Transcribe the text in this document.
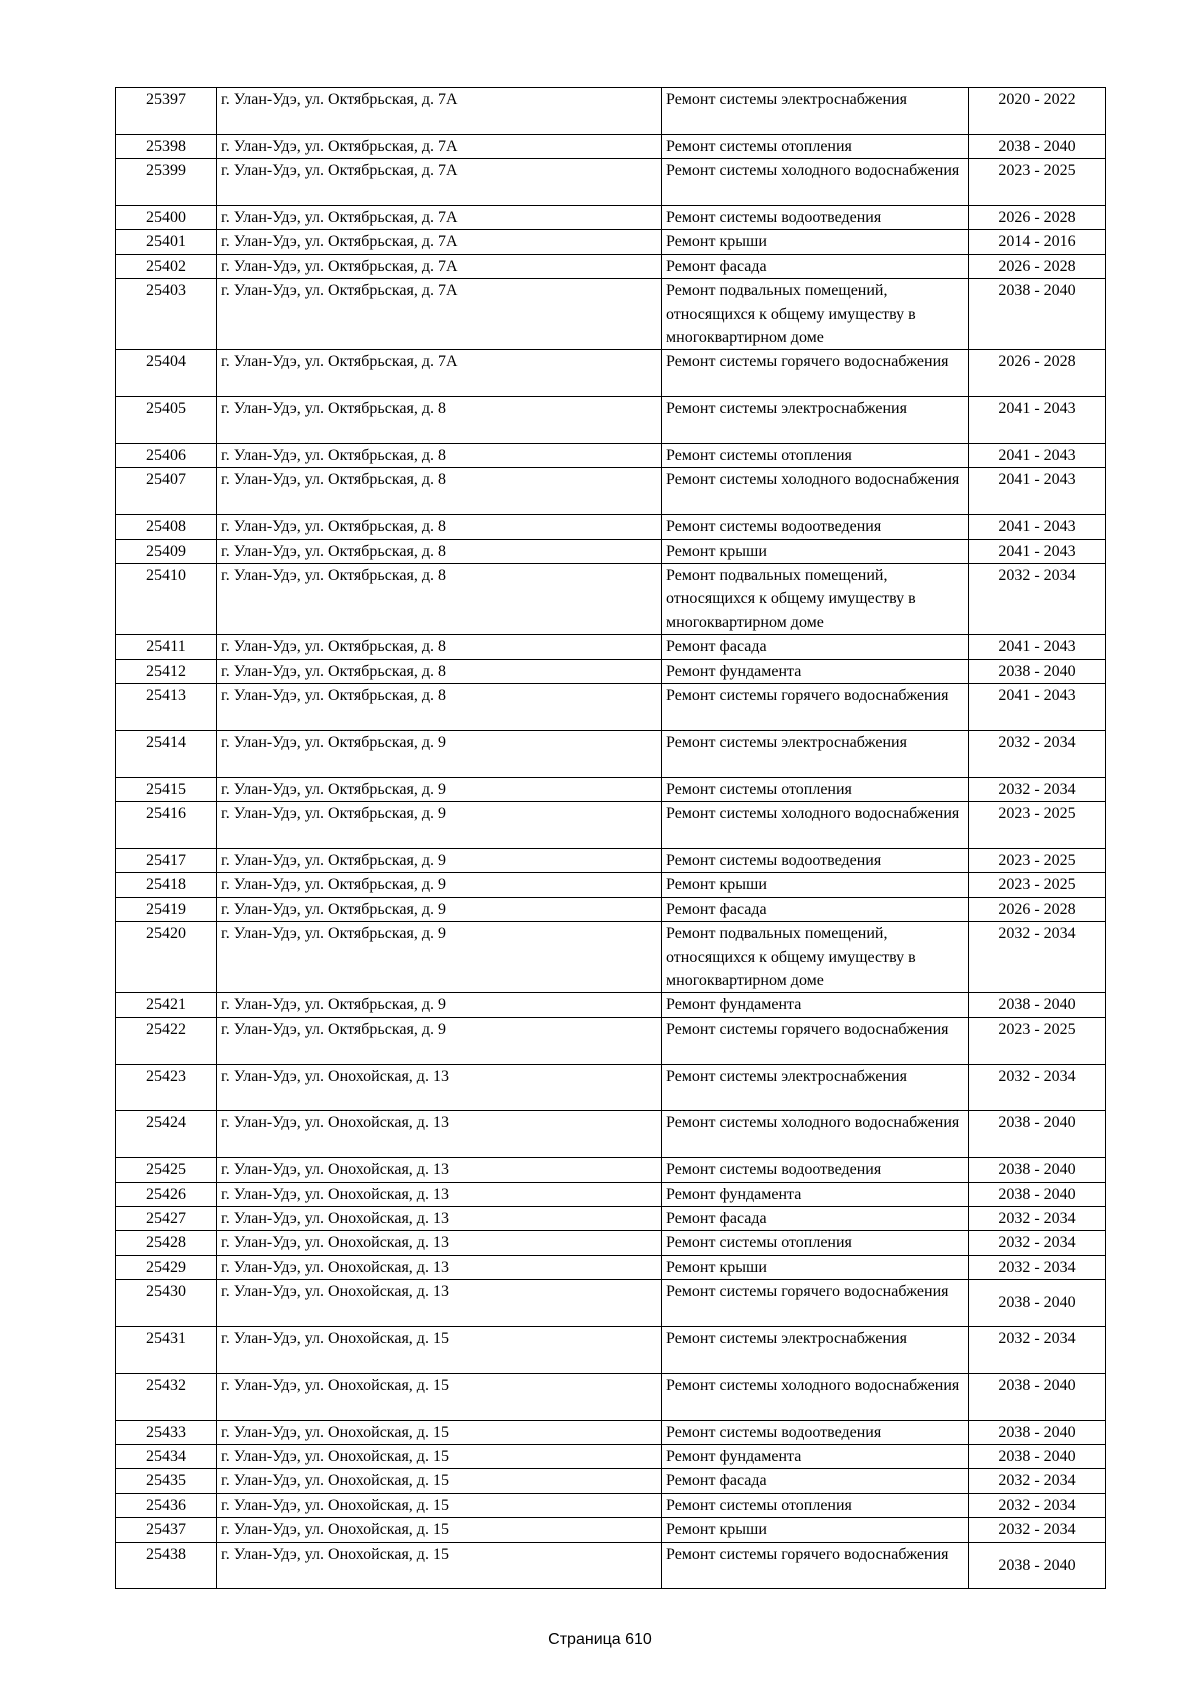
25397	г. Улан-Удэ, ул. Октябрьская, д. 7А	Ремонт системы электроснабжения	2020 - 2022
25398	г. Улан-Удэ, ул. Октябрьская, д. 7А	Ремонт системы отопления	2038 - 2040
25399	г. Улан-Удэ, ул. Октябрьская, д. 7А	Ремонт системы холодного водоснабжения	2023 - 2025
25400	г. Улан-Удэ, ул. Октябрьская, д. 7А	Ремонт системы водоотведения	2026 - 2028
25401	г. Улан-Удэ, ул. Октябрьская, д. 7А	Ремонт крыши	2014 - 2016
25402	г. Улан-Удэ, ул. Октябрьская, д. 7А	Ремонт фасада	2026 - 2028
25403	г. Улан-Удэ, ул. Октябрьская, д. 7А	Ремонт подвальных помещений, относящихся к общему имуществу в многоквартирном доме	2038 - 2040
25404	г. Улан-Удэ, ул. Октябрьская, д. 7А	Ремонт системы горячего водоснабжения	2026 - 2028
25405	г. Улан-Удэ, ул. Октябрьская, д. 8	Ремонт системы электроснабжения	2041 - 2043
25406	г. Улан-Удэ, ул. Октябрьская, д. 8	Ремонт системы отопления	2041 - 2043
25407	г. Улан-Удэ, ул. Октябрьская, д. 8	Ремонт системы холодного водоснабжения	2041 - 2043
25408	г. Улан-Удэ, ул. Октябрьская, д. 8	Ремонт системы водоотведения	2041 - 2043
25409	г. Улан-Удэ, ул. Октябрьская, д. 8	Ремонт крыши	2041 - 2043
25410	г. Улан-Удэ, ул. Октябрьская, д. 8	Ремонт подвальных помещений, относящихся к общему имуществу в многоквартирном доме	2032 - 2034
25411	г. Улан-Удэ, ул. Октябрьская, д. 8	Ремонт фасада	2041 - 2043
25412	г. Улан-Удэ, ул. Октябрьская, д. 8	Ремонт фундамента	2038 - 2040
25413	г. Улан-Удэ, ул. Октябрьская, д. 8	Ремонт системы горячего водоснабжения	2041 - 2043
25414	г. Улан-Удэ, ул. Октябрьская, д. 9	Ремонт системы электроснабжения	2032 - 2034
25415	г. Улан-Удэ, ул. Октябрьская, д. 9	Ремонт системы отопления	2032 - 2034
25416	г. Улан-Удэ, ул. Октябрьская, д. 9	Ремонт системы холодного водоснабжения	2023 - 2025
25417	г. Улан-Удэ, ул. Октябрьская, д. 9	Ремонт системы водоотведения	2023 - 2025
25418	г. Улан-Удэ, ул. Октябрьская, д. 9	Ремонт крыши	2023 - 2025
25419	г. Улан-Удэ, ул. Октябрьская, д. 9	Ремонт фасада	2026 - 2028
25420	г. Улан-Удэ, ул. Октябрьская, д. 9	Ремонт подвальных помещений, относящихся к общему имуществу в многоквартирном доме	2032 - 2034
25421	г. Улан-Удэ, ул. Октябрьская, д. 9	Ремонт фундамента	2038 - 2040
25422	г. Улан-Удэ, ул. Октябрьская, д. 9	Ремонт системы горячего водоснабжения	2023 - 2025
25423	г. Улан-Удэ, ул. Онохойская, д. 13	Ремонт системы электроснабжения	2032 - 2034
25424	г. Улан-Удэ, ул. Онохойская, д. 13	Ремонт системы холодного водоснабжения	2038 - 2040
25425	г. Улан-Удэ, ул. Онохойская, д. 13	Ремонт системы водоотведения	2038 - 2040
25426	г. Улан-Удэ, ул. Онохойская, д. 13	Ремонт фундамента	2038 - 2040
25427	г. Улан-Удэ, ул. Онохойская, д. 13	Ремонт фасада	2032 - 2034
25428	г. Улан-Удэ, ул. Онохойская, д. 13	Ремонт системы отопления	2032 - 2034
25429	г. Улан-Удэ, ул. Онохойская, д. 13	Ремонт крыши	2032 - 2034
25430	г. Улан-Удэ, ул. Онохойская, д. 13	Ремонт системы горячего водоснабжения	2038 - 2040
25431	г. Улан-Удэ, ул. Онохойская, д. 15	Ремонт системы электроснабжения	2032 - 2034
25432	г. Улан-Удэ, ул. Онохойская, д. 15	Ремонт системы холодного водоснабжения	2038 - 2040
25433	г. Улан-Удэ, ул. Онохойская, д. 15	Ремонт системы водоотведения	2038 - 2040
25434	г. Улан-Удэ, ул. Онохойская, д. 15	Ремонт фундамента	2038 - 2040
25435	г. Улан-Удэ, ул. Онохойская, д. 15	Ремонт фасада	2032 - 2034
25436	г. Улан-Удэ, ул. Онохойская, д. 15	Ремонт системы отопления	2032 - 2034
25437	г. Улан-Удэ, ул. Онохойская, д. 15	Ремонт крыши	2032 - 2034
25438	г. Улан-Удэ, ул. Онохойская, д. 15	Ремонт системы горячего водоснабжения	2038 - 2040
Страница 610
